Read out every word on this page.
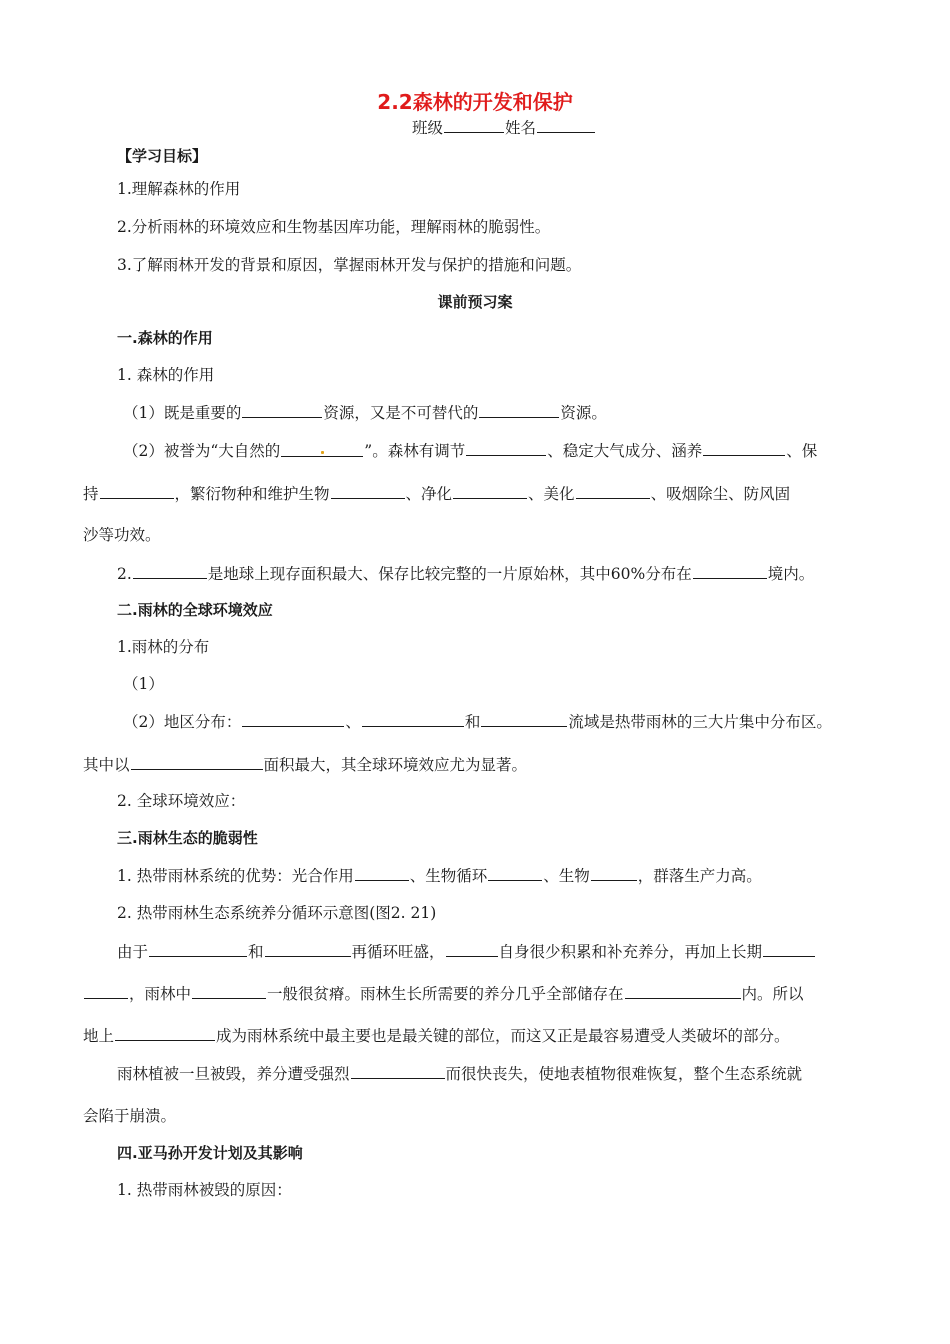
2.2森林的开发和保护
班级	姓名
【学习目标】
1.理解森林的作用
2.分析雨林的环境效应和生物基因库功能，理解雨林的脆弱性。
3.了解雨林开发的背景和原因，掌握雨林开发与保护的措施和问题。
课前预习案
一.森林的作用
1. 森林的作用
（1）既是重要的	资源，又是不可替代的	资源。
（2）被誉为“大自然的	”。森林有调节	、稳定大气成分、涵养	、保
持	，繁衍物种和维护生物	、净化	、美化	、吸烟除尘、防风固
沙等功效。
2.	是地球上现存面积最大、保存比较完整的一片原始林，其中60%分布在	境内。
二.雨林的全球环境效应
1.雨林的分布
（1）
（2）地区分布：	、	和	流域是热带雨林的三大片集中分布区。
其中以	面积最大，其全球环境效应尤为显著。
2. 全球环境效应：
三.雨林生态的脆弱性
1. 热带雨林系统的优势：光合作用	、生物循环	、生物	，群落生产力高。
2. 热带雨林生态系统养分循环示意图(图2. 21)
由于	和	再循环旺盛，	自身很少积累和补充养分，再加上长期
，雨林中	一般很贫瘠。雨林生长所需要的养分几乎全部储存在	内。所以
地上	成为雨林系统中最主要也是最关键的部位，而这又正是最容易遭受人类破坏的部分。
雨林植被一旦被毁，养分遭受强烈	而很快丧失，使地表植物很难恢复，整个生态系统就
会陷于崩溃。
四.亚马孙开发计划及其影响
1. 热带雨林被毁的原因：
